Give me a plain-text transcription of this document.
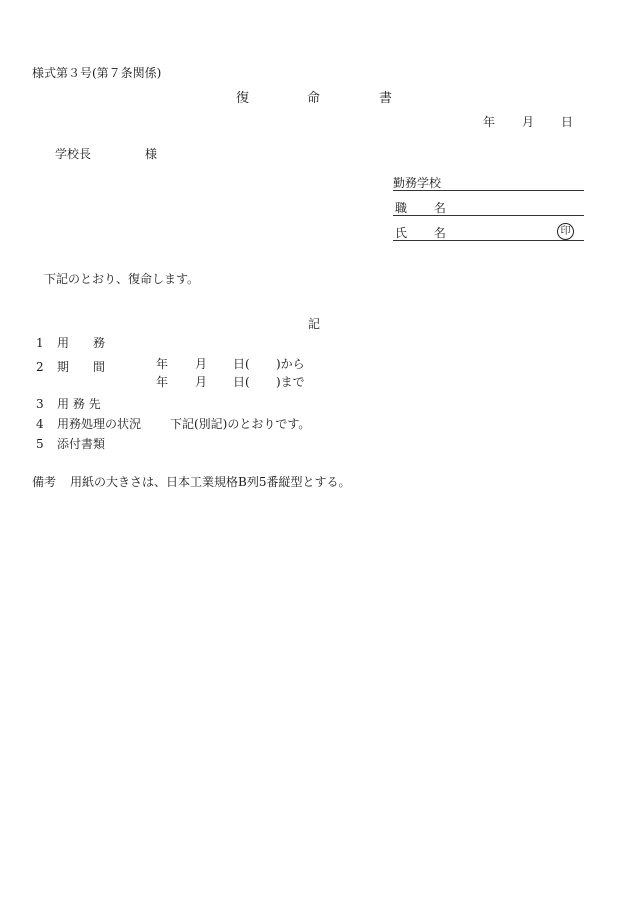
様式第３号(第７条関係)
復	命	書
年 月 日
学校長	様
勤務学校
職 名
氏 名	印
下記のとおり、復命します。
記
1 用 務
2 期 間	年 月 日( )から
年 月 日( )まで
3 用 務 先
4 用務処理の状況 下記(別記)のとおりです。
5 添付書類
備考 用紙の大きさは、日本工業規格B列5番縦型とする。
